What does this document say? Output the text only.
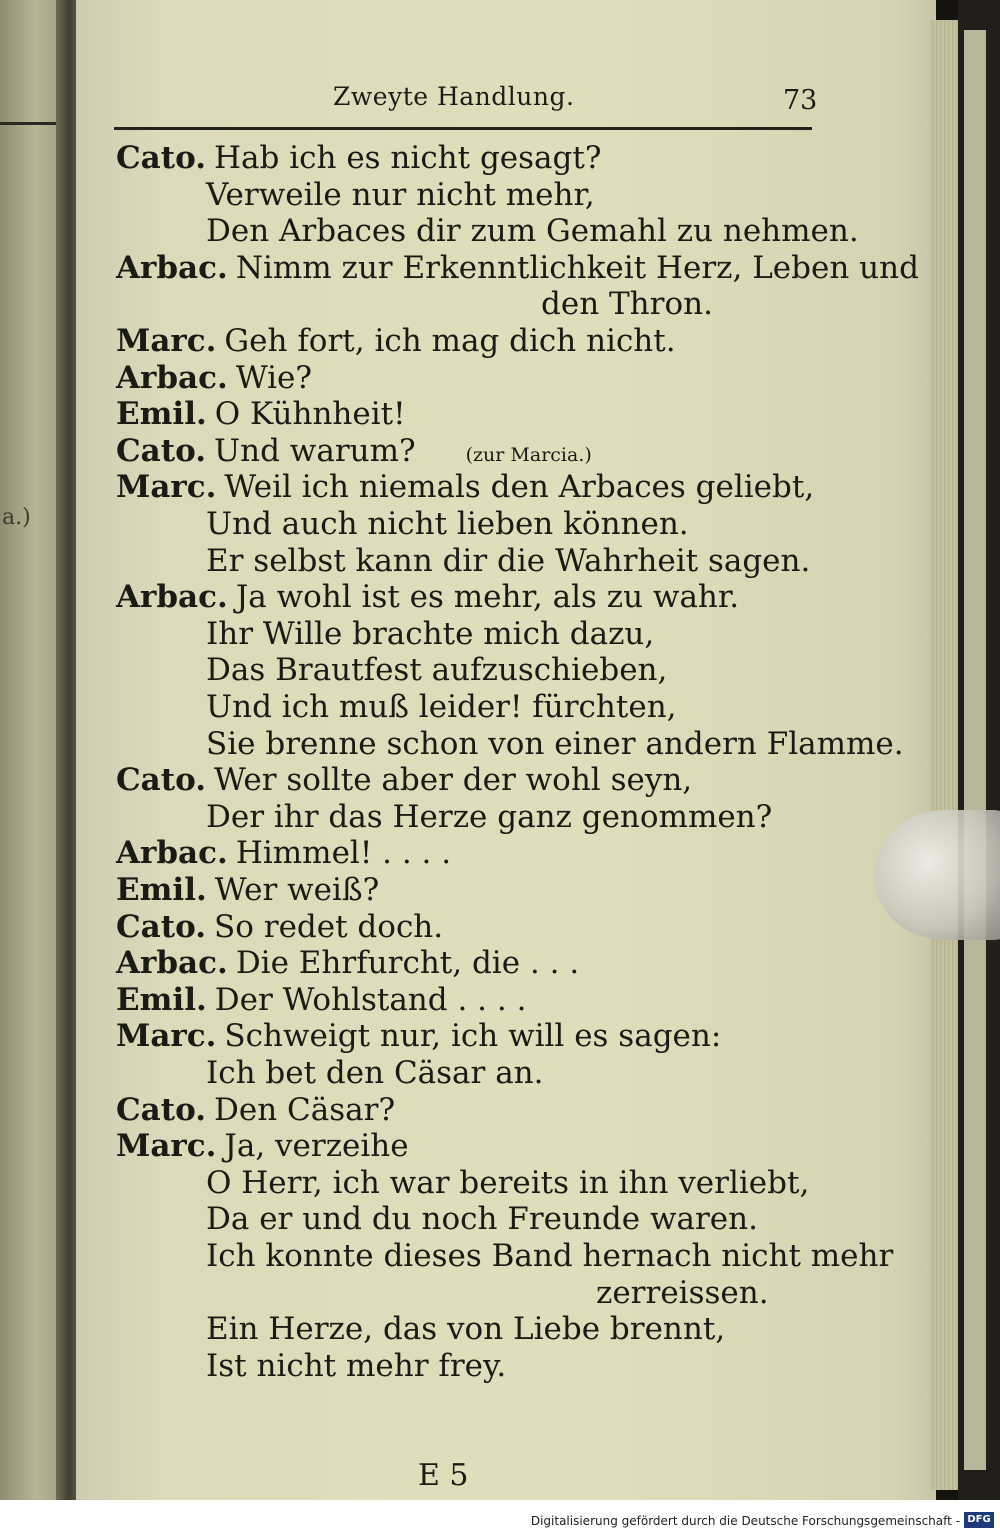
a.)
Zweyte Handlung.	73
Cato. Hab ich es nicht gesagt?
Verweile nur nicht mehr,
Den Arbaces dir zum Gemahl zu nehmen.
Arbac. Nimm zur Erkenntlichkeit Herz, Leben und
den Thron.
Marc. Geh fort, ich mag dich nicht.
Arbac. Wie?
Emil. O Kühnheit!
Cato. Und warum?	(zur Marcia.)
Marc. Weil ich niemals den Arbaces geliebt,
Und auch nicht lieben können.
Er selbst kann dir die Wahrheit sagen.
Arbac. Ja wohl ist es mehr, als zu wahr.
Ihr Wille brachte mich dazu,
Das Brautfest aufzuschieben,
Und ich muß leider! fürchten,
Sie brenne schon von einer andern Flamme.
Cato. Wer sollte aber der wohl seyn,
Der ihr das Herze ganz genommen?
Arbac. Himmel! . . . .
Emil. Wer weiß?
Cato. So redet doch.
Arbac. Die Ehrfurcht, die . . .
Emil. Der Wohlstand . . . .
Marc. Schweigt nur, ich will es sagen:
Ich bet den Cäsar an.
Cato. Den Cäsar?
Marc. Ja, verzeihe
O Herr, ich war bereits in ihn verliebt,
Da er und du noch Freunde waren.
Ich konnte dieses Band hernach nicht mehr
zerreissen.
Ein Herze, das von Liebe brennt,
Ist nicht mehr frey.
E 5
Digitalisierung gefördert durch die Deutsche Forschungsgemeinschaft - DFG
